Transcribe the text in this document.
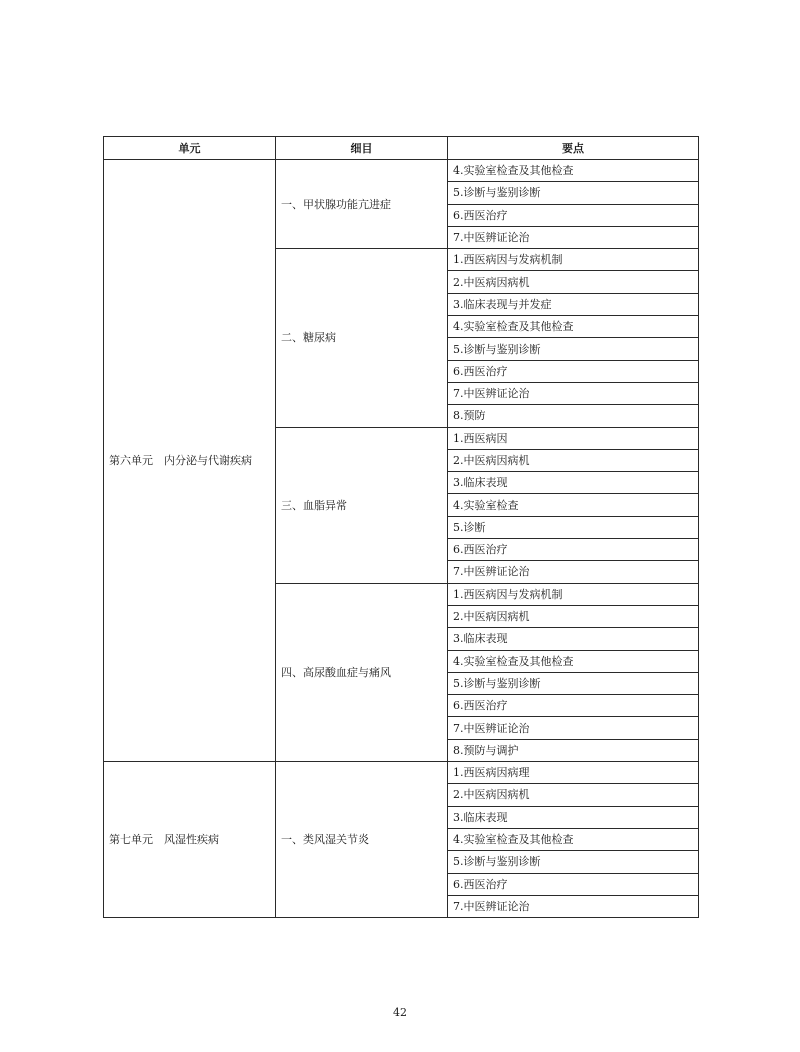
单元	细目	要点
第六单元　内分泌与代谢疾病	一、甲状腺功能亢进症	4.实验室检查及其他检查
		5.诊断与鉴别诊断
		6.西医治疗
		7.中医辨证论治
	二、糖尿病	1.西医病因与发病机制
		2.中医病因病机
		3.临床表现与并发症
		4.实验室检查及其他检查
		5.诊断与鉴别诊断
		6.西医治疗
		7.中医辨证论治
		8.预防
	三、血脂异常	1.西医病因
		2.中医病因病机
		3.临床表现
		4.实验室检查
		5.诊断
		6.西医治疗
		7.中医辨证论治
	四、高尿酸血症与痛风	1.西医病因与发病机制
		2.中医病因病机
		3.临床表现
		4.实验室检查及其他检查
		5.诊断与鉴别诊断
		6.西医治疗
		7.中医辨证论治
		8.预防与调护
第七单元　风湿性疾病	一、类风湿关节炎	1.西医病因病理
		2.中医病因病机
		3.临床表现
		4.实验室检查及其他检查
		5.诊断与鉴别诊断
		6.西医治疗
		7.中医辨证论治
42
